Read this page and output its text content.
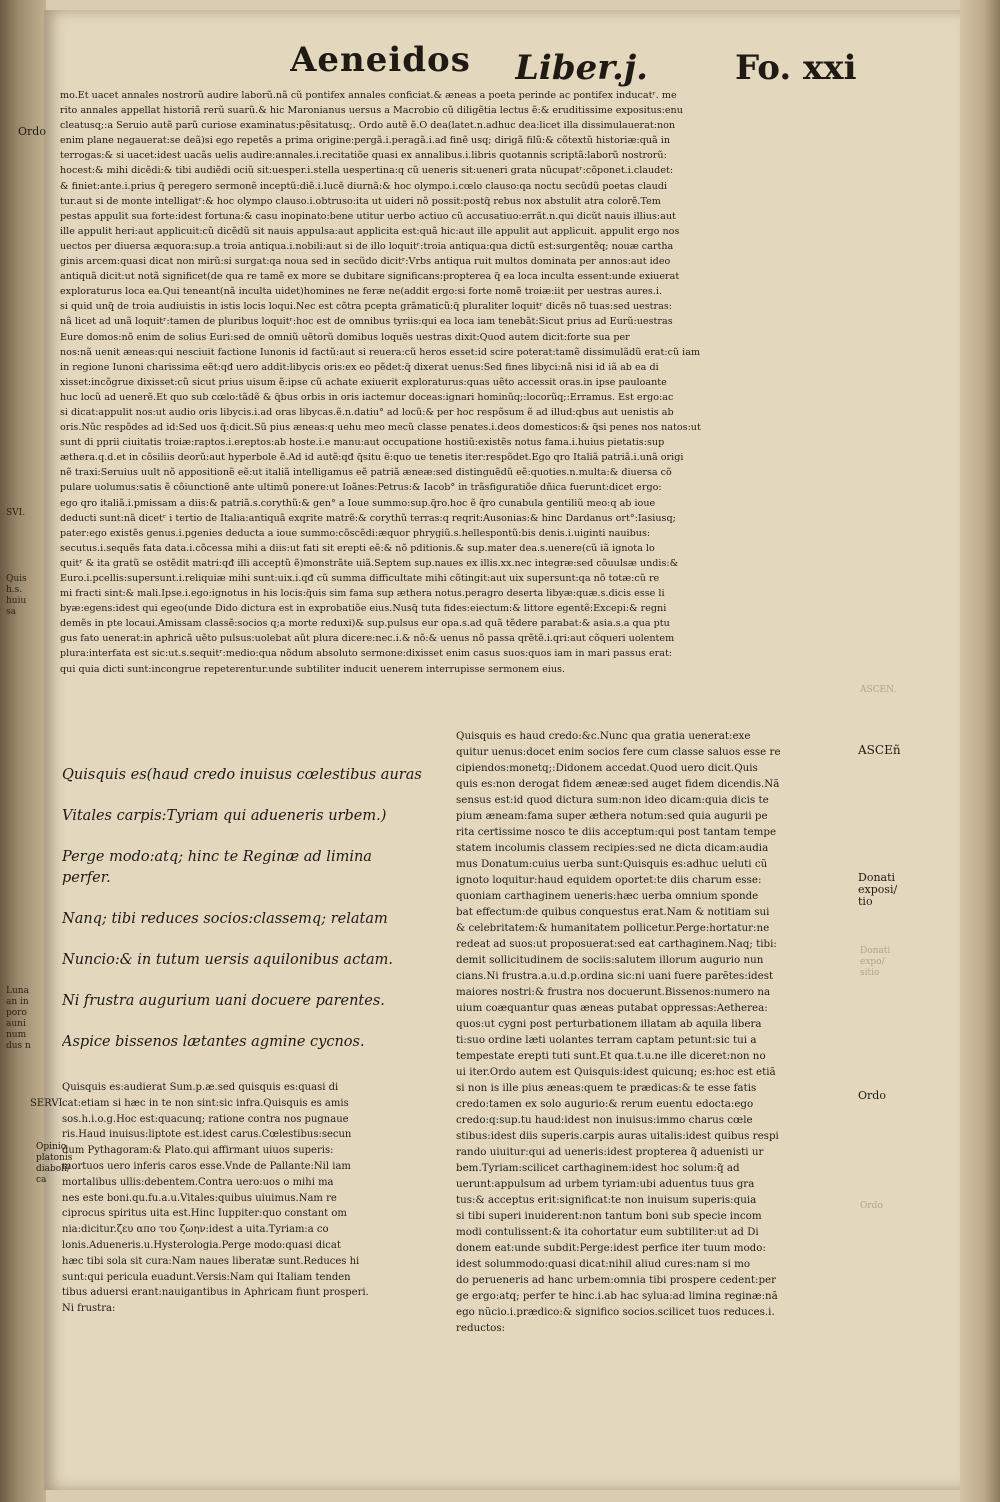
Aeneidos Liber.j.	Fo. xxi
mo.Et uacet annales nostrorũ audire laborũ.nã cũ pontifex annales conficiat.& æneas a poeta perinde ac pontifex inducatʳ. me
rito annales appellat historiã rerũ suarũ.& hic Maronianus uersus a Macrobio cũ diligẽtia lectus ẽ:& eruditissime expositus:enu
cleatusq;:a Seruio autẽ parũ curiose examinatus:pẽsitatusq;. Ordo autẽ ẽ.O dea(latet.n.adhuc dea:licet illa dissimulauerat:non
enim plane negauerat:se deã)si ego repetẽs a prima origine:pergã.i.peragã.i.ad finẽ usq; dirigã filũ:& cõtextũ historiæ:quã in
terrogas:& si uacet:idest uacãs uelis audire:annales.i.recitatiõe quasi ex annalibus.i.libris quotannis scriptã:laborũ nostrorũ:
hocest:& mihi dicẽdi:& tibi audiẽdi ociũ sit:uesper.i.stella uespertina:q cũ ueneris sit:ueneri grata nũcupatʳ:cõponet.i.claudet:
& finiet:ante.i.prius q̃ peregero sermonẽ inceptũ:diẽ.i.lucẽ diurnã:& hoc olympo.i.cœlo clauso:qa noctu secũdũ poetas claudi
tur.aut si de monte intelligatʳ:& hoc olympo clauso.i.obtruso:ita ut uideri nõ possit:postq̃ rebus nox abstulit atra colorẽ.Tem
pestas appulit sua forte:idest fortuna:& casu inopinato:bene utitur uerbo actiuo cũ accusatiuo:errãt.n.qui dicũt nauis illius:aut
ille appulit heri:aut applicuit:cũ dicẽdũ sit nauis appulsa:aut applicita est:quã hic:aut ille appulit aut applicuit. appulit ergo nos
uectos per diuersa æquora:sup.a troia antiqua.i.nobili:aut si de illo loquitʳ:troia antiqua:qua dictũ est:surgentẽq; nouæ cartha
ginis arcem:quasi dicat non mirũ:si surgat:qa noua sed in secũdo dicitʳ:Vrbs antiqua ruit multos dominata per annos:aut ideo
antiquã dicit:ut notã significet(de qua re tamẽ ex more se dubitare significans:propterea q̃ ea loca inculta essent:unde exiuerat
exploraturus loca ea.Qui teneant(nã inculta uidet)homines ne feræ ne(addit ergo:si forte nomẽ troiæ:iit per uestras aures.i.
si quid unq̃ de troia audiuistis in istis locis loqui.Nec est cõtra pcepta grãmaticũ:q̃ pluraliter loquitʳ dicẽs nõ tuas:sed uestras:
nã licet ad unã loquitʳ:tamen de pluribus loquitʳ:hoc est de omnibus tyriis:qui ea loca iam tenebãt:Sicut prius ad Eurũ:uestras
Eure domos:nõ enim de solius Euri:sed de omniũ uẽtorũ domibus loquẽs uestras dixit:Quod autem dicit:forte sua per
nos:nã uenit æneas:qui nesciuit factione Iunonis id factũ:aut si reuera:cũ heros esset:id scire poterat:tamẽ dissimulãdũ erat:cũ iam
in regione Iunoni charissima eẽt:qđ uero addit:libycis oris:ex eo pẽdet:q̃ dixerat uenus:Sed fines libyci:nã nisi id iã ab ea di
xisset:incõgrue dixisset:cũ sicut prius uisum ẽ:ipse cũ achate exiuerit exploraturus:quas uẽto accessit oras.in ipse pauloante
huc locũ ad uenerẽ.Et quo sub cœlo:tãdẽ & q̃bus orbis in oris iactemur doceas:ignari hominũq;:locorũq;:Erramus. Est ergo:ac
si dicat:appulit nos:ut audio oris libycis.i.ad oras libycas.ẽ.n.datiu° ad locũ:& per hoc respõsum ẽ ad illud:qbus aut uenistis ab
oris.Nũc respõdes ad id:Sed uos q̃:dicit.Sũ pius æneas:q uehu meo mecũ classe penates.i.deos domesticos:& q̃si penes nos natos:ut
sunt di pprii ciuitatis troiæ:raptos.i.ereptos:ab hoste.i.e manu:aut occupatione hostiũ:existẽs notus fama.i.huius pietatis:sup
æthera.q.d.et in cõsiliis deorũ:aut hyperbole ẽ.Ad id autẽ:qđ q̃situ ẽ:quo ue tenetis iter:respõdet.Ego qro Italiã patriã.i.unã origi
nẽ traxi:Seruius uult nõ appositionẽ eẽ:ut italiã intelligamus eẽ patriã æneæ:sed distinguẽdũ eẽ:quoties.n.multa:& diuersa cõ
pulare uolumus:satis ẽ cõiunctionẽ ante ultimũ ponere:ut Ioãnes:Petrus:& Iacob° in trãsfiguratiõe dñica fuerunt:dicet ergo:
ego qro italiã.i.pmissam a diis:& patriã.s.corythũ:& gen° a Ioue summo:sup.q̃ro.hoc ẽ q̃ro cunabula gentiliũ meo:q ab ioue
deducti sunt:nã dicetʳ i tertio de Italia:antiquã exqrite matrẽ:& corythũ terras:q reqrit:Ausonias:& hinc Dardanus ort°:Iasiusq;
pater:ego existẽs genus.i.pgenies deducta a ioue summo:cõscẽdi:æquor phrygiũ.s.hellespontũ:bis denis.i.uiginti nauibus:
secutus.i.sequẽs fata data.i.cõcessa mihi a diis:ut fati sit erepti eẽ:& nõ pditionis.& sup.mater dea.s.uenere(cũ iã ignota lo
quitʳ & ita gratũ se ostẽdit matri:qđ illi acceptũ ẽ)monstrãte uiã.Septem sup.naues ex illis.xx.nec integræ:sed cõuulsæ undis:&
Euro.i.pcellis:supersunt.i.reliquiæ mihi sunt:uix.i.qđ cũ summa difficultate mihi cõtingit:aut uix supersunt:qa nõ totæ:cũ re
mi fracti sint:& mali.Ipse.i.ego:ignotus in his locis:q̃uis sim fama sup æthera notus.peragro deserta libyæ:quæ.s.dicis esse li
byæ:egens:idest qui egeo(unde Dido dictura est in exprobatiõe eius.Nusq̃ tuta fides:eiectum:& littore egentẽ:Excepi:& regni
demẽs in pte locaui.Amissam classẽ:socios q;a morte reduxi)& sup.pulsus eur opa.s.ad quã tẽdere parabat:& asia.s.a qua ptu
gus fato uenerat:in aphricã uẽto pulsus:uolebat aũt plura dicere:nec.i.& nõ:& uenus nõ passa qrẽtẽ.i.qri:aut cõqueri uolentem
plura:interfata est sic:ut.s.sequitʳ:medio:qua nõdum absoluto sermone:dixisset enim casus suos:quos iam in mari passus erat:
qui quia dicti sunt:incongrue repeterentur.unde subtiliter inducit uenerem interrupisse sermonem eius.

Quisquis es(haud credo inuisus cœlestibus auras

Vitales carpis:Tyriam qui adueneris urbem.)

Perge modo:atq; hinc te Reginæ ad limina perfer.

Nanq; tibi reduces socios:classemq; relatam

Nuncio:& in tutum uersis aquilonibus actam.

Ni frustra augurium uani docuere parentes.

Aspice bissenos lætantes agmine cycnos.

Quisquis es:audierat Sum.p.æ.sed quisquis es:quasi di
cat:etiam si hæc in te non sint:sic infra.Quisquis es amis
sos.h.i.o.g.Hoc est:quacunq; ratione contra nos pugnaue
ris.Haud inuisus:liptote est.idest carus.Cœlestibus:secun
dum Pythagoram:& Plato.qui affirmant uiuos superis:
mortuos uero inferis caros esse.Vnde de Pallante:Nil iam
mortalibus ullis:debentem.Contra uero:uos o mihi ma
nes este boni.qu.fu.a.u.Vitales:quibus uiuimus.Nam re
ciprocus spiritus uita est.Hinc Iuppiter:quo constant om
nia:dicitur.ζευ απο του ζωην:idest a uita.Tyriam:a co
lonis.Adueneris.u.Hysterologia.Perge modo:quasi dicat
hæc tibi sola sit cura:Nam naues liberatæ sunt.Reduces hi
sunt:qui pericula euadunt.Versis:Nam qui Italiam tenden
tibus aduersi erant:nauigantibus in Aphricam fiunt prosperi.
Ni frustra:
Quisquis es haud credo:&c.Nunc qua gratia uenerat:exe
quitur uenus:docet enim socios fere cum classe saluos esse re
cipiendos:monetq;:Didonem accedat.Quod uero dicit.Quis
quis es:non derogat fidem æneæ:sed auget fidem dicendis.Nã
sensus est:id quod dictura sum:non ideo dicam:quia dicis te
pium æneam:fama super æthera notum:sed quia augurii pe
rita certissime nosco te diis acceptum:qui post tantam tempe
statem incolumis classem recipies:sed ne dicta dicam:audia
mus Donatum:cuius uerba sunt:Quisquis es:adhuc ueluti cũ
ignoto loquitur:haud equidem oportet:te diis charum esse:
quoniam carthaginem ueneris:hæc uerba omnium sponde
bat effectum:de quibus conquestus erat.Nam & notitiam sui
& celebritatem:& humanitatem pollicetur.Perge:hortatur:ne
redeat ad suos:ut proposuerat:sed eat carthaginem.Naq; tibi:
demit sollicitudinem de sociis:salutem illorum augurio nun
cians.Ni frustra.a.u.d.p.ordina sic:ni uani fuere parẽtes:idest
maiores nostri:& frustra nos docuerunt.Bissenos:numero na
uium coæquantur quas æneas putabat oppressas:Aetherea:
quos:ut cygni post perturbationem illatam ab aquila libera
ti:suo ordine læti uolantes terram captam petunt:sic tui a
tempestate erepti tuti sunt.Et qua.t.u.ne ille diceret:non no
ui iter.Ordo autem est Quisquis:idest quicunq; es:hoc est etiã
si non is ille pius æneas:quem te prædicas:& te esse fatis
credo:tamen ex solo augurio:& rerum euentu edocta:ego
credo:q:sup.tu haud:idest non inuisus:immo charus cœle
stibus:idest diis superis.carpis auras uitalis:idest quibus respi
rando uiuitur:qui ad ueneris:idest propterea q̃ aduenisti ur
bem.Tyriam:scilicet carthaginem:idest hoc solum:q̃ ad
uerunt:appulsum ad urbem tyriam:ubi aduentus tuus gra
tus:& acceptus erit:significat:te non inuisum superis:quia
si tibi superi inuiderent:non tantum boni sub specie incom
modi contulissent:& ita cohortatur eum subtiliter:ut ad Di
donem eat:unde subdit:Perge:idest perfice iter tuum modo:
idest solummodo:quasi dicat:nihil aliud cures:nam si mo
do perueneris ad hanc urbem:omnia tibi prospere cedent:per
ge ergo:atq; perfer te hinc.i.ab hac sylua:ad limina reginæ:nã
ego nũcio.i.prædico:& significo socios.scilicet tuos reduces.i.
reductos:
Ordo
ASCEñ
Donati
exposi/
tio
Ordo
SERVI.
Opinio
platonis
diaboli/
ca
ASCEN.
Donati
expo/
sitio
Ordo
SVI.
Quis
h.s.
huiu
sa
Luna
an in
poro
auni
num
dus n
